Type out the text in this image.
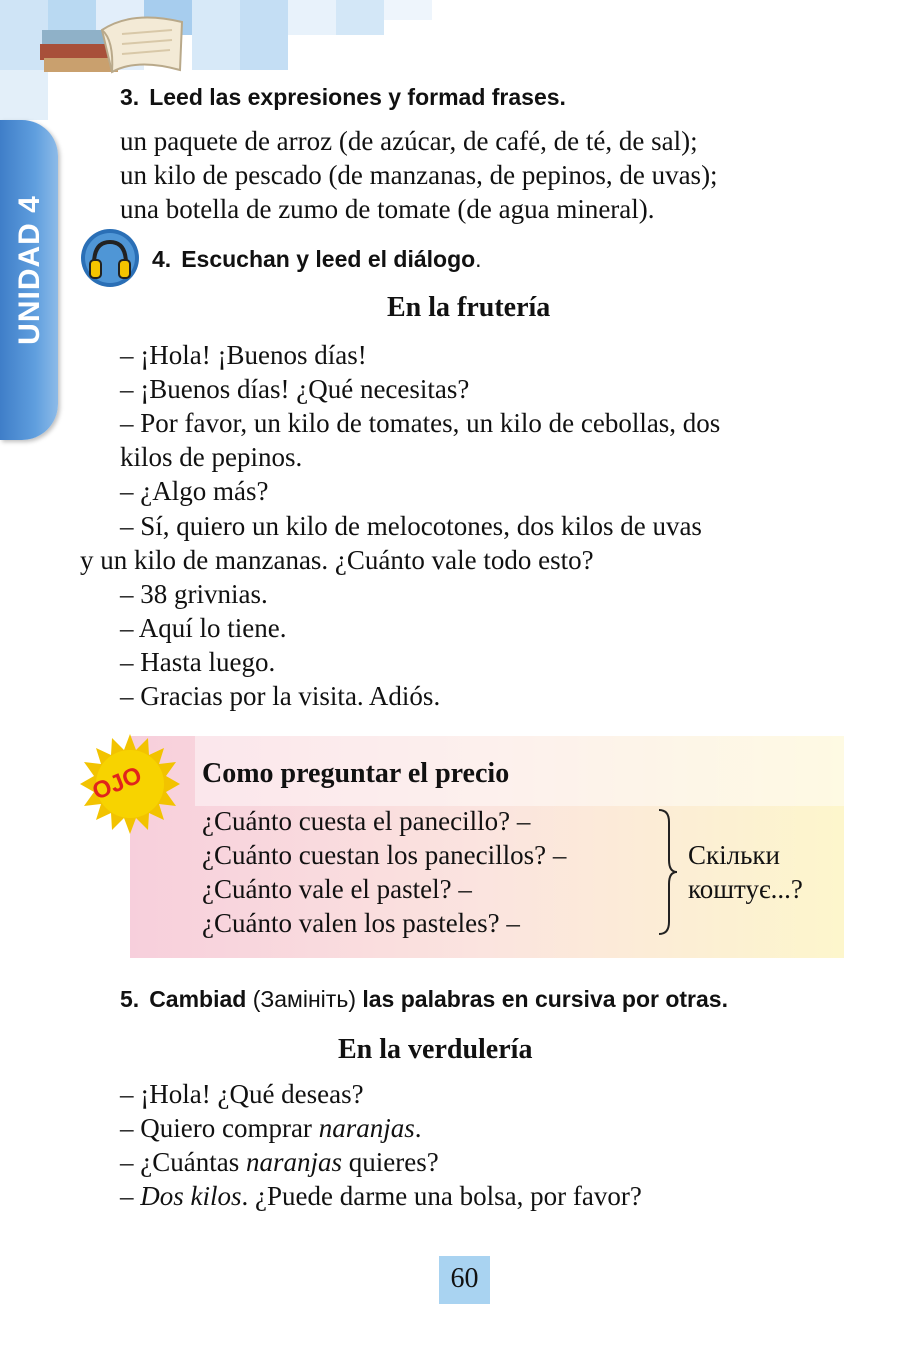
UNIDAD 4
3. Leed las expresiones y formad frases.
un paquete de arroz (de azúcar, de café, de té, de sal);
un kilo de pescado (de manzanas, de pepinos, de uvas);
una botella de zumo de tomate (de agua mineral).
4. Escuchan y leed el diálogo.
En la frutería
– ¡Hola! ¡Buenos días!
– ¡Buenos días! ¿Qué necesitas?
– Por favor, un kilo de tomates, un kilo de cebollas, dos
kilos de pepinos.
– ¿Algo más?
– Sí, quiero un kilo de melocotones, dos kilos de uvas
y un kilo de manzanas. ¿Cuánto vale todo esto?
– 38 grivnias.
– Aquí lo tiene.
– Hasta luego.
– Gracias por la visita. Adiós.
OJO Como preguntar el precio
¿Cuánto cuesta el panecillo? –
¿Cuánto cuestan los panecillos? –
¿Cuánto vale el pastel? –
¿Cuánto valen los pasteles? –
Скільки
коштує...?
5. Cambiad (Замініть) las palabras en cursiva por otras.
En la verdulería
– ¡Hola! ¿Qué deseas?
– Quiero comprar naranjas.
– ¿Cuántas naranjas quieres?
– Dos kilos. ¿Puede darme una bolsa, por favor?
60
